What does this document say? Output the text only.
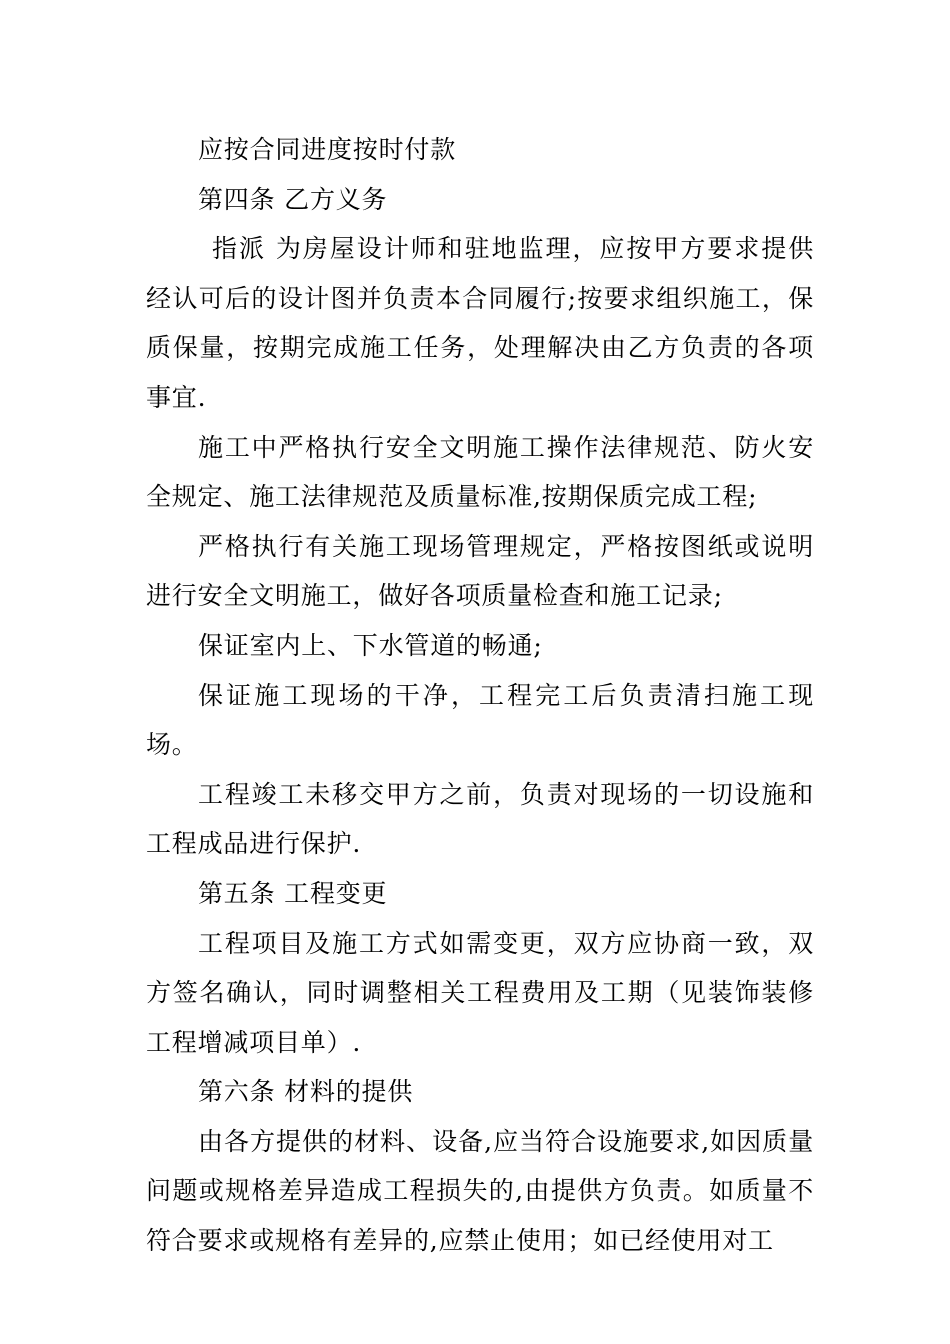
应按合同进度按时付款

第四条 乙方义务

指派 为房屋设计师和驻地监理，应按甲方要求提供经认可后的设计图并负责本合同履行;按要求组织施工，保质保量，按期完成施工任务，处理解决由乙方负责的各项事宜.

施工中严格执行安全文明施工操作法律规范、防火安全规定、施工法律规范及质量标准,按期保质完成工程;

严格执行有关施工现场管理规定，严格按图纸或说明进行安全文明施工，做好各项质量检查和施工记录;

保证室内上、下水管道的畅通;

保证施工现场的干净，工程完工后负责清扫施工现场。

工程竣工未移交甲方之前，负责对现场的一切设施和工程成品进行保护.

第五条 工程变更

工程项目及施工方式如需变更，双方应协商一致，双方签名确认，同时调整相关工程费用及工期（见装饰装修工程增减项目单）.

第六条 材料的提供

由各方提供的材料、设备,应当符合设施要求,如因质量问题或规格差异造成工程损失的,由提供方负责。如质量不符合要求或规格有差异的,应禁止使用；如已经使用对工
